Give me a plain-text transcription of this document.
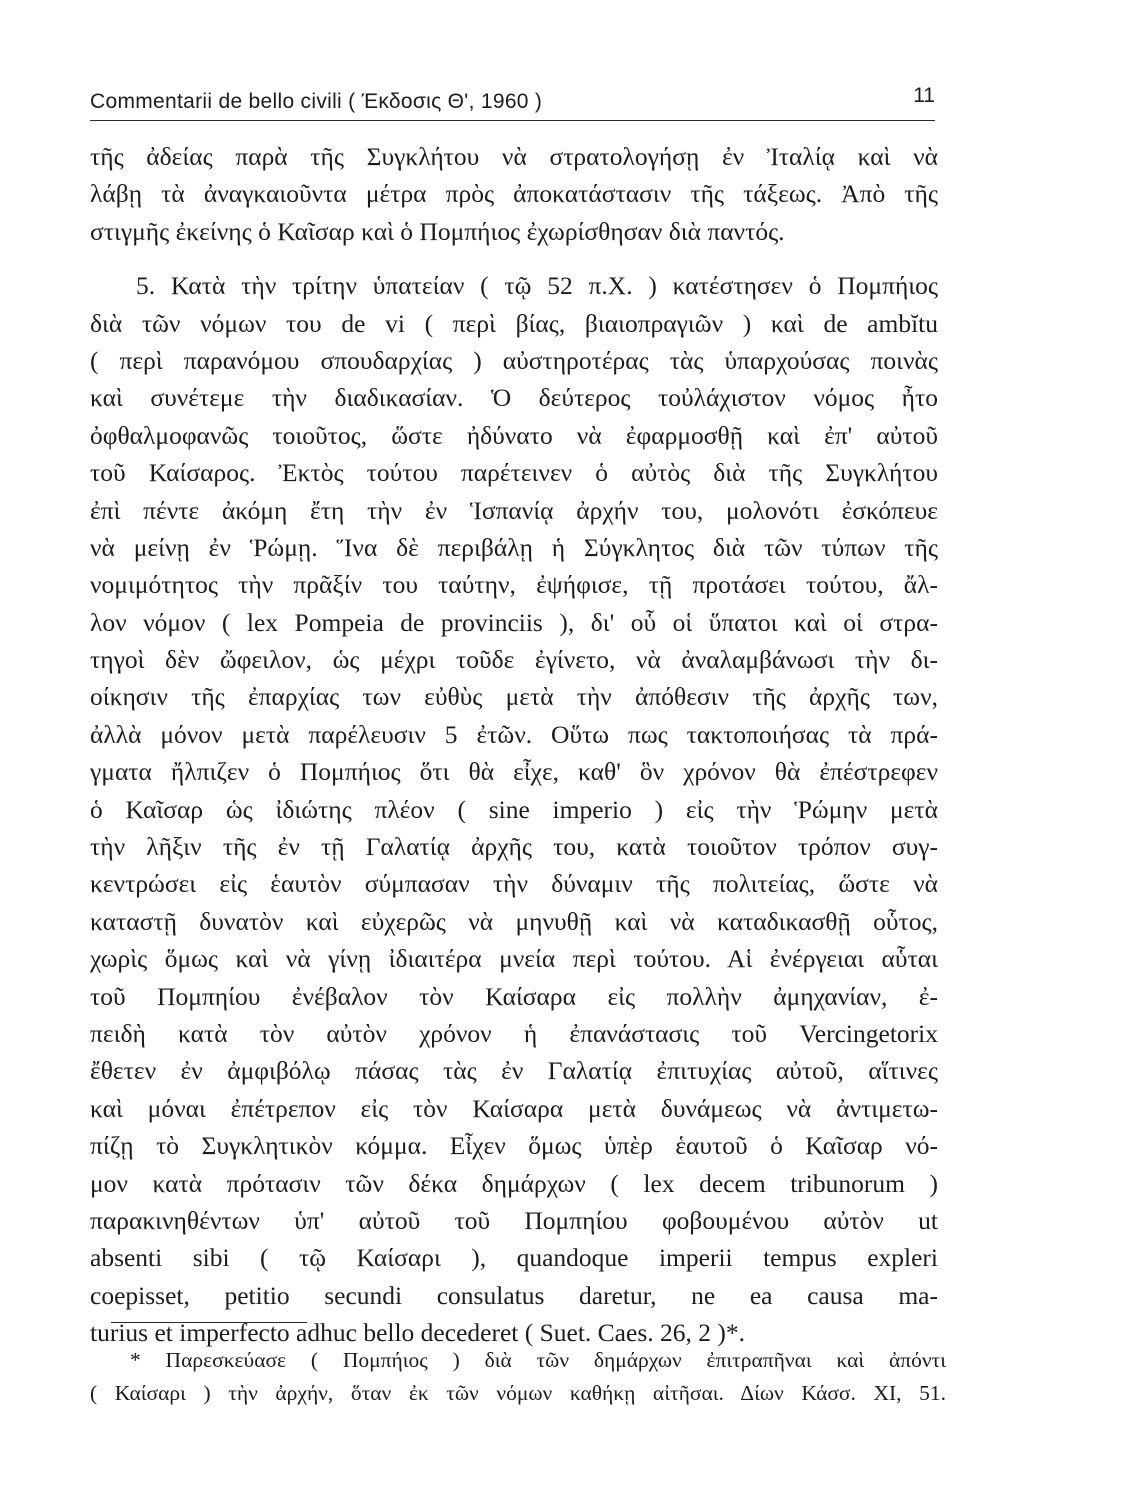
Commentarii de bello civili ( Έκδοσις Θ', 1960 )	11
τῆς ἀδείας παρὰ τῆς Συγκλήτου νὰ στρατολογήσῃ ἐν Ἰταλίᾳ καὶ νὰ
λάβῃ τὰ ἀναγκαιοῦντα μέτρα πρὸς ἀποκατάστασιν τῆς τάξεως. Ἀπὸ τῆς
στιγμῆς ἐκείνης ὁ Καῖσαρ καὶ ὁ Πομπήιος ἐχωρίσθησαν διὰ παντός.
5. Κατὰ τὴν τρίτην ὑπατείαν ( τῷ 52 π.Χ. ) κατέστησεν ὁ Πομπήιος
διὰ τῶν νόμων του de vi ( περὶ βίας, βιαιοπραγιῶν ) καὶ de ambĭtu
( περὶ παρανόμου σπουδαρχίας ) αὐστηροτέρας τὰς ὑπαρχούσας ποινὰς
καὶ συνέτεμε τὴν διαδικασίαν. Ὁ δεύτερος τοὐλάχιστον νόμος ἦτο
ὀφθαλμοφανῶς τοιοῦτος, ὥστε ἠδύνατο νὰ ἐφαρμοσθῇ καὶ ἐπ' αὐτοῦ
τοῦ Καίσαρος. Ἐκτὸς τούτου παρέτεινεν ὁ αὐτὸς διὰ τῆς Συγκλήτου
ἐπὶ πέντε ἀκόμη ἔτη τὴν ἐν Ἱσπανίᾳ ἀρχήν του, μολονότι ἐσκόπευε
νὰ μείνῃ ἐν Ῥώμῃ. Ἵνα δὲ περιβάλῃ ἡ Σύγκλητος διὰ τῶν τύπων τῆς
νομιμότητος τὴν πρᾶξίν του ταύτην, ἐψήφισε, τῇ προτάσει τούτου, ἄλ-
λον νόμον ( lex Pompeia de provinciis ), δι' οὗ οἱ ὕπατοι καὶ οἱ στρα-
τηγοὶ δὲν ὤφειλον, ὡς μέχρι τοῦδε ἐγίνετο, νὰ ἀναλαμβάνωσι τὴν δι-
οίκησιν τῆς ἐπαρχίας των εὐθὺς μετὰ τὴν ἀπόθεσιν τῆς ἀρχῆς των,
ἀλλὰ μόνον μετὰ παρέλευσιν 5 ἐτῶν. Οὕτω πως τακτοποιήσας τὰ πρά-
γματα ἤλπιζεν ὁ Πομπήιος ὅτι θὰ εἶχε, καθ' ὃν χρόνον θὰ ἐπέστρεφεν
ὁ Καῖσαρ ὡς ἰδιώτης πλέον ( sine imperio ) εἰς τὴν Ῥώμην μετὰ
τὴν λῆξιν τῆς ἐν τῇ Γαλατίᾳ ἀρχῆς του, κατὰ τοιοῦτον τρόπον συγ-
κεντρώσει εἰς ἑαυτὸν σύμπασαν τὴν δύναμιν τῆς πολιτείας, ὥστε νὰ
καταστῇ δυνατὸν καὶ εὐχερῶς νὰ μηνυθῇ καὶ νὰ καταδικασθῇ οὗτος,
χωρὶς ὅμως καὶ νὰ γίνῃ ἰδιαιτέρα μνεία περὶ τούτου. Αἱ ἐνέργειαι αὗται
τοῦ Πομπηίου ἐνέβαλον τὸν Καίσαρα εἰς πολλὴν ἀμηχανίαν, ἐ-
πειδὴ κατὰ τὸν αὐτὸν χρόνον ἡ ἐπανάστασις τοῦ Vercingetorix
ἔθετεν ἐν ἀμφιβόλῳ πάσας τὰς ἐν Γαλατίᾳ ἐπιτυχίας αὐτοῦ, αἵτινες
καὶ μόναι ἐπέτρεπον εἰς τὸν Καίσαρα μετὰ δυνάμεως νὰ ἀντιμετω-
πίζῃ τὸ Συγκλητικὸν κόμμα. Εἶχεν ὅμως ὑπὲρ ἑαυτοῦ ὁ Καῖσαρ νό-
μον κατὰ πρότασιν τῶν δέκα δημάρχων ( lex decem tribunorum )
παρακινηθέντων ὑπ' αὐτοῦ τοῦ Πομπηίου φοβουμένου αὐτὸν ut
absenti sibi ( τῷ Καίσαρι ), quandoque imperii tempus expleri
coepisset, petitio secundi consulatus daretur, ne ea causa ma-
turius et imperfecto adhuc bello decederet ( Suet. Caes. 26, 2 )*.
* Παρεσκεύασε ( Πομπήιος ) διὰ τῶν δημάρχων ἐπιτραπῆναι καὶ ἀπόντι
( Καίσαρι ) τὴν ἀρχήν, ὅταν ἐκ τῶν νόμων καθήκῃ αἰτῆσαι. Δίων Κάσσ. XI, 51.
